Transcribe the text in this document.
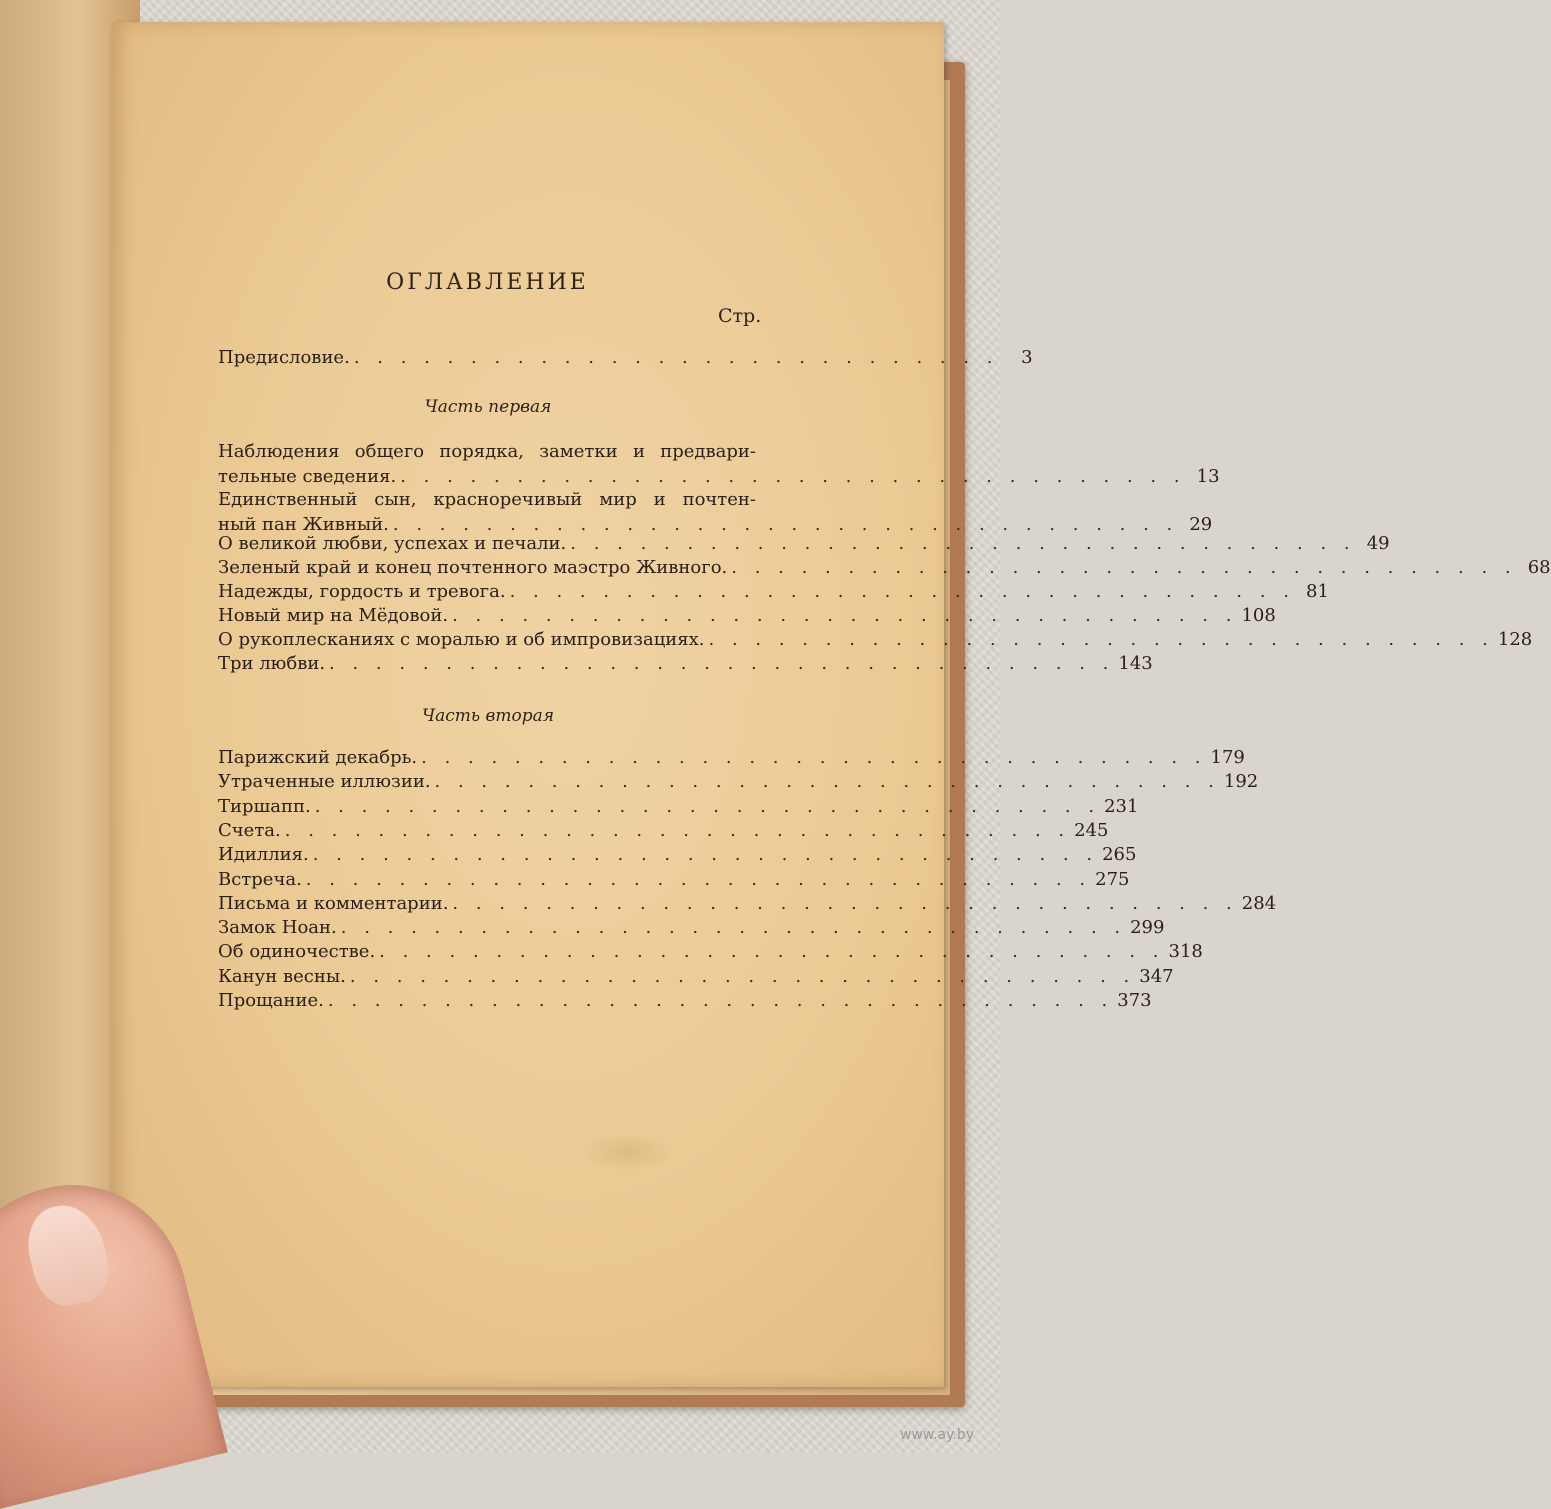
ОГЛАВЛЕНИЕ
Стр.
Предисловие. . . . . . . . . . . . . . . . . . . . . . . . . . . . .	3
Часть первая
Наблюдения общего порядка, заметки и предвари-
тельные сведения. . . . . . . . . . . . . . . . . . . . . . . . . . . . . . . . . . . 13
Единственный сын, красноречивый мир и почтен-
ный пан Живный. . . . . . . . . . . . . . . . . . . . . . . . . . . . . . . . . . . 29
О великой любви, успехах и печали. . . . . . . . . . . . . . . . . . . . . . . . . . . . . . . . . . . 49
Зеленый край и конец почтенного маэстро Живного. . . . . . . . . . . . . . . . . . . . . . . . . . . . . . . . . . . 68
Надежды, гордость и тревога. . . . . . . . . . . . . . . . . . . . . . . . . . . . . . . . . . . 81
Новый мир на Мёдовой. . . . . . . . . . . . . . . . . . . . . . . . . . . . . . . . . . . 108
О рукоплесканиях с моралью и об импровизациях. . . . . . . . . . . . . . . . . . . . . . . . . . . . . . . . . . . 128
Три любви. . . . . . . . . . . . . . . . . . . . . . . . . . . . . . . . . . . 143
Часть вторая
Парижский декабрь. . . . . . . . . . . . . . . . . . . . . . . . . . . . . . . . . . . 179
Утраченные иллюзии. . . . . . . . . . . . . . . . . . . . . . . . . . . . . . . . . . . 192
Тиршапп. . . . . . . . . . . . . . . . . . . . . . . . . . . . . . . . . . . 231
Счета. . . . . . . . . . . . . . . . . . . . . . . . . . . . . . . . . . . 245
Идиллия. . . . . . . . . . . . . . . . . . . . . . . . . . . . . . . . . . . 265
Встреча. . . . . . . . . . . . . . . . . . . . . . . . . . . . . . . . . . . 275
Письма и комментарии. . . . . . . . . . . . . . . . . . . . . . . . . . . . . . . . . . . 284
Замок Ноан. . . . . . . . . . . . . . . . . . . . . . . . . . . . . . . . . . . 299
Об одиночестве. . . . . . . . . . . . . . . . . . . . . . . . . . . . . . . . . . . 318
Канун весны. . . . . . . . . . . . . . . . . . . . . . . . . . . . . . . . . . . 347
Прощание. . . . . . . . . . . . . . . . . . . . . . . . . . . . . . . . . . . 373
www.ay.by
